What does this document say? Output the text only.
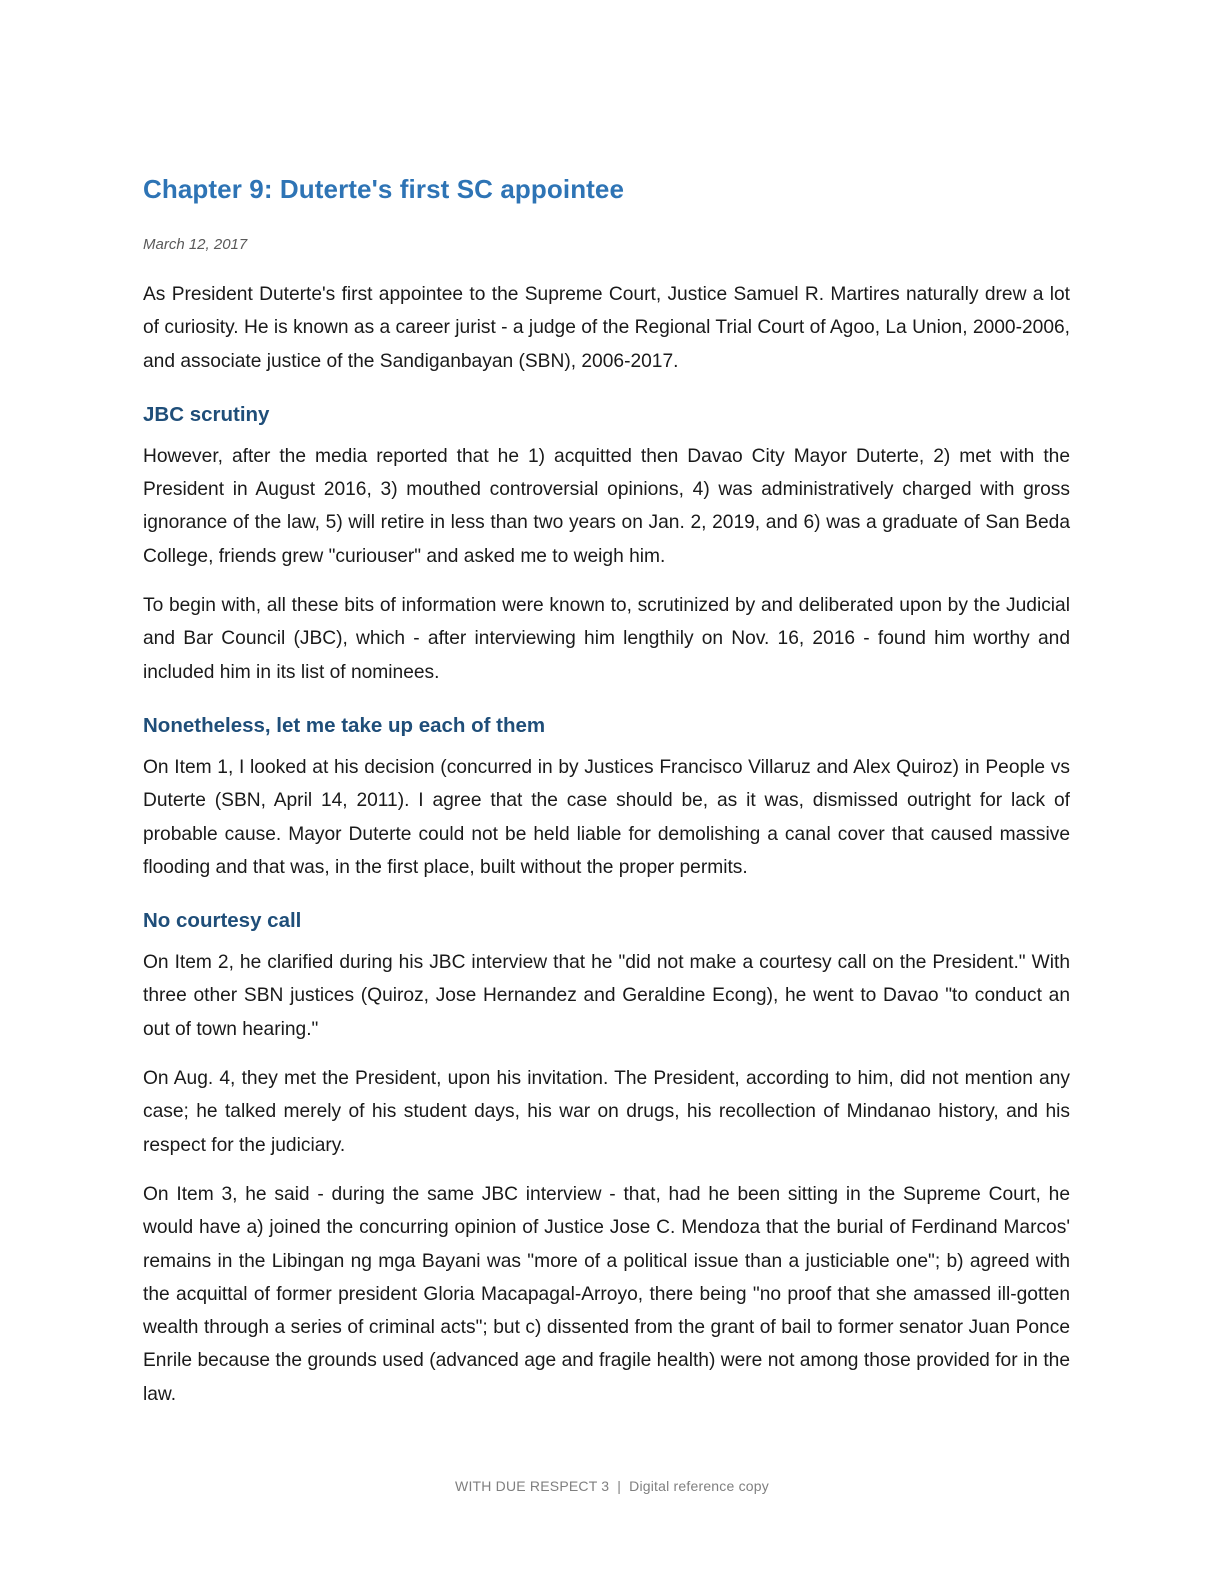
Chapter 9: Duterte's first SC appointee
March 12, 2017

As President Duterte's first appointee to the Supreme Court, Justice Samuel R. Martires naturally drew a lot of curiosity. He is known as a career jurist - a judge of the Regional Trial Court of Agoo, La Union, 2000-2006, and associate justice of the Sandiganbayan (SBN), 2006-2017.

JBC scrutiny

However, after the media reported that he 1) acquitted then Davao City Mayor Duterte, 2) met with the President in August 2016, 3) mouthed controversial opinions, 4) was administratively charged with gross ignorance of the law, 5) will retire in less than two years on Jan. 2, 2019, and 6) was a graduate of San Beda College, friends grew "curiouser" and asked me to weigh him.

To begin with, all these bits of information were known to, scrutinized by and deliberated upon by the Judicial and Bar Council (JBC), which - after interviewing him lengthily on Nov. 16, 2016 - found him worthy and included him in its list of nominees.

Nonetheless, let me take up each of them

On Item 1, I looked at his decision (concurred in by Justices Francisco Villaruz and Alex Quiroz) in People vs Duterte (SBN, April 14, 2011). I agree that the case should be, as it was, dismissed outright for lack of probable cause. Mayor Duterte could not be held liable for demolishing a canal cover that caused massive flooding and that was, in the first place, built without the proper permits.

No courtesy call

On Item 2, he clarified during his JBC interview that he "did not make a courtesy call on the President." With three other SBN justices (Quiroz, Jose Hernandez and Geraldine Econg), he went to Davao "to conduct an out of town hearing."

On Aug. 4, they met the President, upon his invitation. The President, according to him, did not mention any case; he talked merely of his student days, his war on drugs, his recollection of Mindanao history, and his respect for the judiciary.

On Item 3, he said - during the same JBC interview - that, had he been sitting in the Supreme Court, he would have a) joined the concurring opinion of Justice Jose C. Mendoza that the burial of Ferdinand Marcos' remains in the Libingan ng mga Bayani was "more of a political issue than a justiciable one"; b) agreed with the acquittal of former president Gloria Macapagal-Arroyo, there being "no proof that she amassed ill-gotten wealth through a series of criminal acts"; but c) dissented from the grant of bail to former senator Juan Ponce Enrile because the grounds used (advanced age and fragile health) were not among those provided for in the law.

WITH DUE RESPECT 3 | Digital reference copy
